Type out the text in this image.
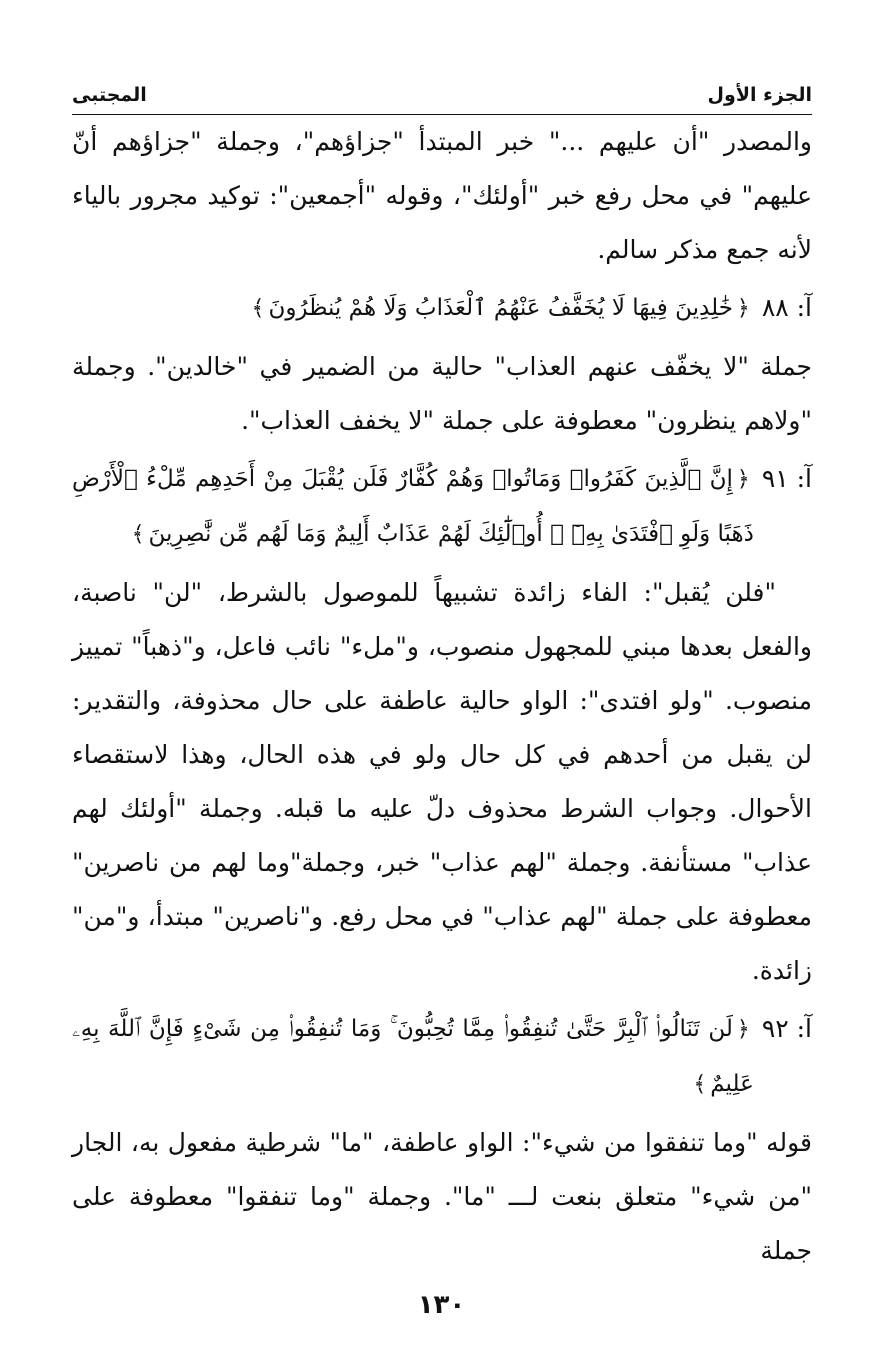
الجزء الأول
المجتبى

والمصدر "أن عليهم ..." خبر المبتدأ "جزاؤهم"، وجملة "جزاؤهم أنّ عليهم" في محل رفع خبر "أولئك"، وقوله "أجمعين": توكيد مجرور بالياء لأنه جمع مذكر سالم.

آ: ٨٨
﴿خَٰلِدِينَ فِيهَا لَا يُخَفَّفُ عَنْهُمُ ٱلْعَذَابُ وَلَا هُمْ يُنظَرُونَ﴾

جملة "لا يخفّف عنهم العذاب" حالية من الضمير في "خالدين". وجملة "ولاهم ينظرون" معطوفة على جملة "لا يخفف العذاب".

آ: ٩١
﴿إِنَّ ٱلَّذِينَ كَفَرُوا۟ وَمَاتُوا۟ وَهُمْ كُفَّارٌ فَلَن يُقْبَلَ مِنْ أَحَدِهِم مِّلْءُ ٱلْأَرْضِ ذَهَبًا وَلَوِ ٱفْتَدَىٰ بِهِۦٓ ۗ أُو۟لَٰٓئِكَ لَهُمْ عَذَابٌ أَلِيمٌ وَمَا لَهُم مِّن نَّٰصِرِينَ﴾

"فلن يُقبل": الفاء زائدة تشبيهاً للموصول بالشرط، "لن" ناصبة، والفعل بعدها مبني للمجهول منصوب، و"ملء" نائب فاعل، و"ذهباً" تمييز منصوب. "ولو افتدى": الواو حالية عاطفة على حال محذوفة، والتقدير: لن يقبل من أحدهم في كل حال ولو في هذه الحال، وهذا لاستقصاء الأحوال. وجواب الشرط محذوف دلّ عليه ما قبله. وجملة "أولئك لهم عذاب" مستأنفة. وجملة "لهم عذاب" خبر، وجملة"وما لهم من ناصرين" معطوفة على جملة "لهم عذاب" في محل رفع. و"ناصرين" مبتدأ، و"من" زائدة.

آ: ٩٢
﴿لَن تَنَالُوا۟ ٱلْبِرَّ حَتَّىٰ تُنفِقُوا۟ مِمَّا تُحِبُّونَ ۚ وَمَا تُنفِقُوا۟ مِن شَىْءٍ فَإِنَّ ٱللَّهَ بِهِۦ عَلِيمٌ﴾

قوله "وما تنفقوا من شيء": الواو عاطفة، "ما" شرطية مفعول به، الجار "من شيء" متعلق بنعت لـــ "ما". وجملة "وما تنفقوا" معطوفة على جملة

١٣٠
